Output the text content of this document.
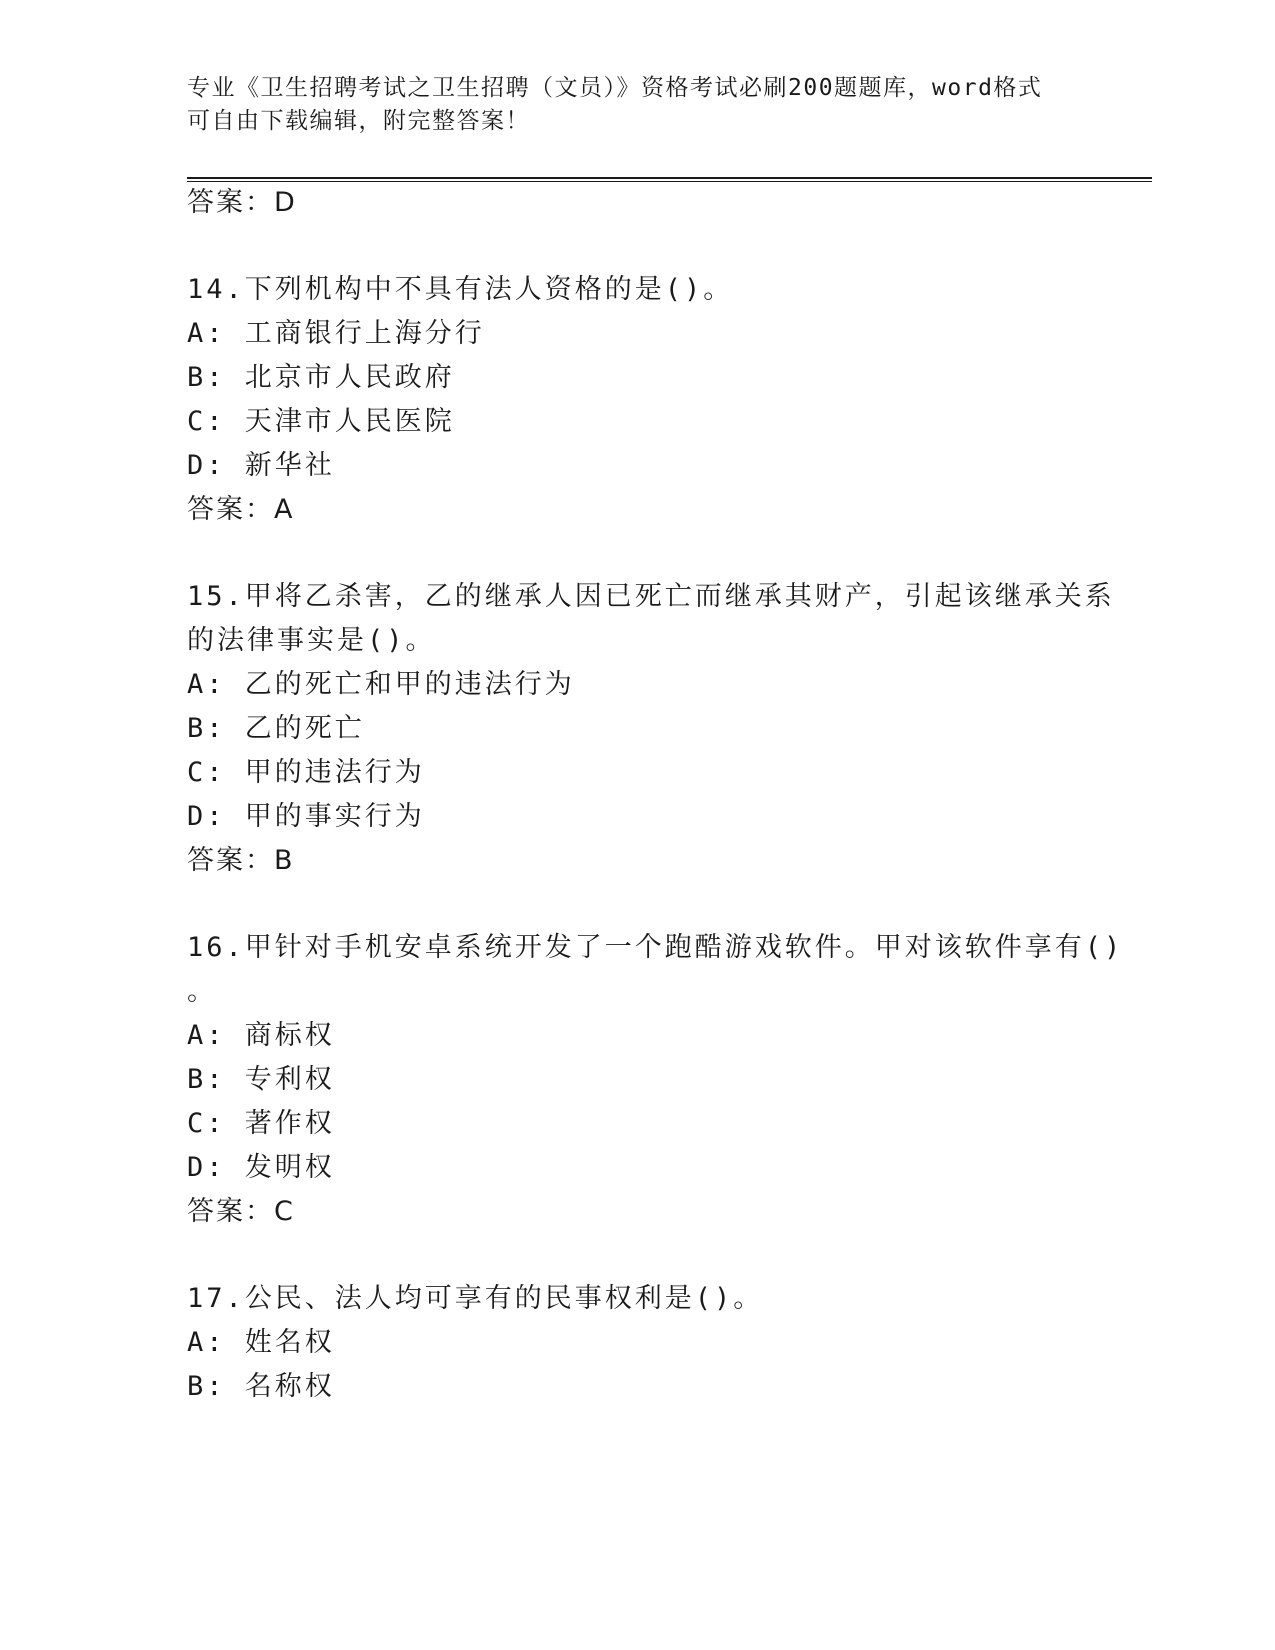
专业《卫生招聘考试之卫生招聘（文员）》资格考试必刷200题题库，word格式
可自由下载编辑，附完整答案！
答案：D
14.下列机构中不具有法人资格的是()。
A: 工商银行上海分行
B: 北京市人民政府
C: 天津市人民医院
D: 新华社
答案：A
15.甲将乙杀害，乙的继承人因已死亡而继承其财产，引起该继承关系
的法律事实是()。
A: 乙的死亡和甲的违法行为
B: 乙的死亡
C: 甲的违法行为
D: 甲的事实行为
答案：B
16.甲针对手机安卓系统开发了一个跑酷游戏软件。甲对该软件享有()
。
A: 商标权
B: 专利权
C: 著作权
D: 发明权
答案：C
17.公民、法人均可享有的民事权利是()。
A: 姓名权
B: 名称权
